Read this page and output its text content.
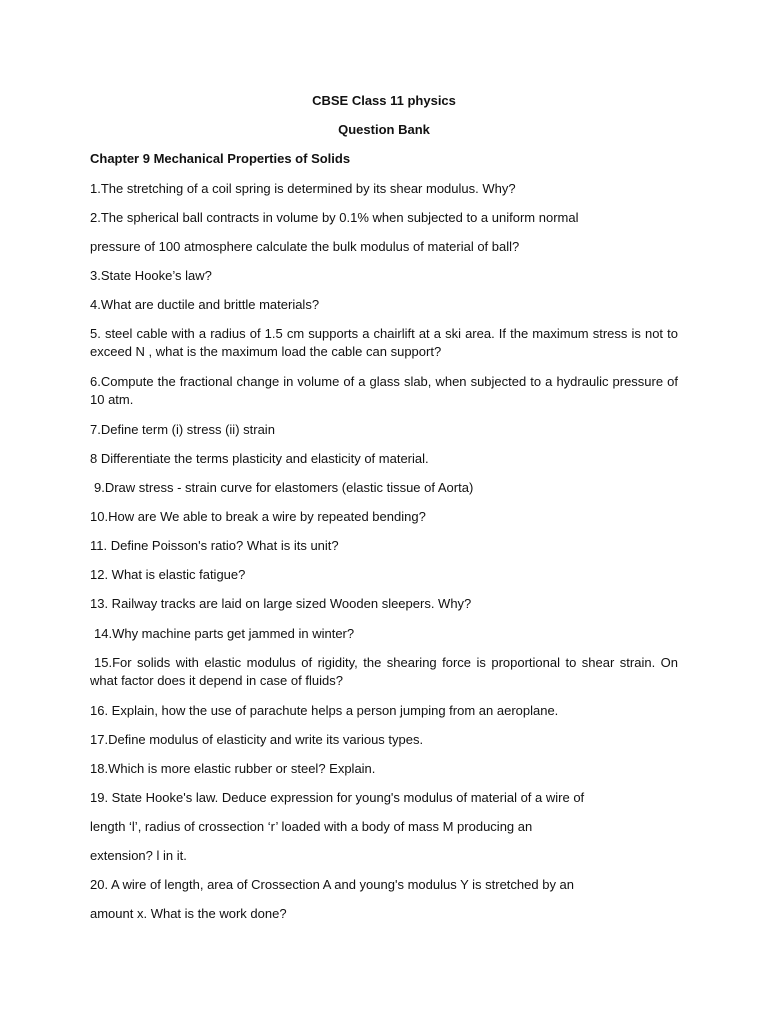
CBSE Class 11 physics

Question Bank

Chapter 9 Mechanical Properties of Solids

1.The stretching of a coil spring is determined by its shear modulus. Why?

2.The spherical ball contracts in volume by 0.1% when subjected to a uniform normal

pressure of 100 atmosphere calculate the bulk modulus of material of ball?

3.State Hooke’s law?

4.What are ductile and brittle materials?

5. steel cable with a radius of 1.5 cm supports a chairlift at a ski area. If the maximum stress is not to exceed N , what is the maximum load the cable can support?

6.Compute the fractional change in volume of a glass slab, when subjected to a hydraulic pressure of 10 atm.

7.Define term (i) stress (ii) strain

8 Differentiate the terms plasticity and elasticity of material.

9.Draw stress - strain curve for elastomers (elastic tissue of Aorta)

10.How are We able to break a wire by repeated bending?

11. Define Poisson's ratio? What is its unit?

12. What is elastic fatigue?

13. Railway tracks are laid on large sized Wooden sleepers. Why?

14.Why machine parts get jammed in winter?

15.For solids with elastic modulus of rigidity, the shearing force is proportional to shear strain. On what factor does it depend in case of fluids?

16. Explain, how the use of parachute helps a person jumping from an aeroplane.

17.Define modulus of elasticity and write its various types.

18.Which is more elastic rubber or steel? Explain.

19. State Hooke's law. Deduce expression for young's modulus of material of a wire of

length ‘l’, radius of crossection ‘r’ loaded with a body of mass M producing an

extension? l in it.

20. A wire of length, area of Crossection A and young's modulus Y is stretched by an

amount x. What is the work done?
